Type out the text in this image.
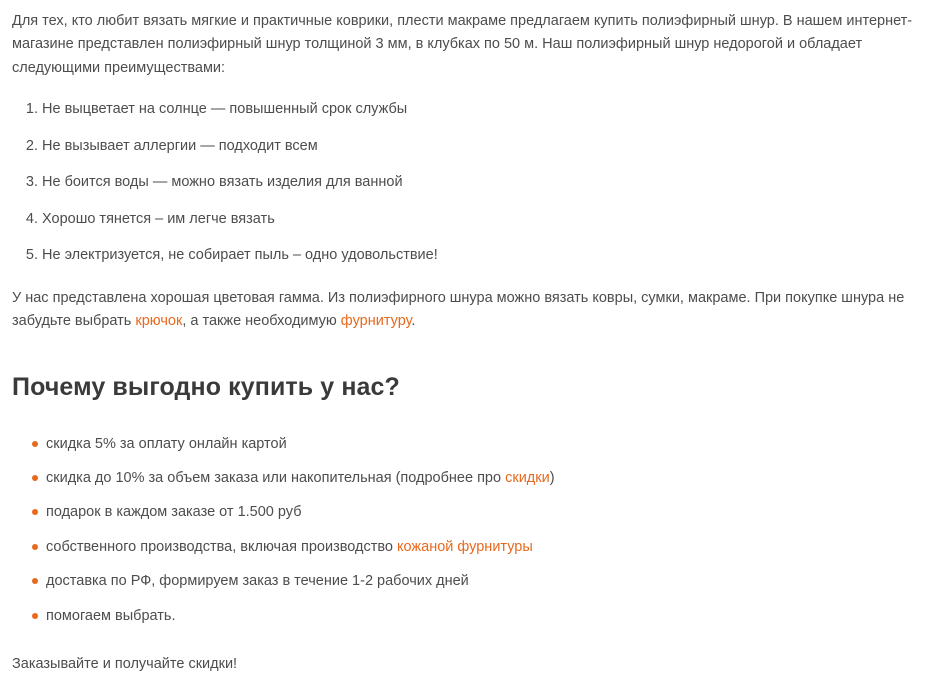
Для тех, кто любит вязать мягкие и практичные коврики, плести макраме предлагаем купить полиэфирный шнур. В нашем интернет-магазине представлен полиэфирный шнур толщиной 3 мм, в клубках по 50 м. Наш полиэфирный шнур недорогой и обладает следующими преимуществами:

Не выцветает на солнце — повышенный срок службы
Не вызывает аллергии — подходит всем
Не боится воды — можно вязать изделия для ванной
Хорошо тянется – им легче вязать
Не электризуется, не собирает пыль – одно удовольствие!

У нас представлена хорошая цветовая гамма. Из полиэфирного шнура можно вязать ковры, сумки, макраме. При покупке шнура не забудьте выбрать крючок, а также необходимую фурнитуру.

Почему выгодно купить у нас?
скидка 5% за оплату онлайн картой
скидка до 10% за объем заказа или накопительная (подробнее про скидки)
подарок в каждом заказе от 1.500 руб
собственного производства, включая производство кожаной фурнитуры
доставка по РФ, формируем заказ в течение 1-2 рабочих дней
помогаем выбрать.

Заказывайте и получайте скидки!
